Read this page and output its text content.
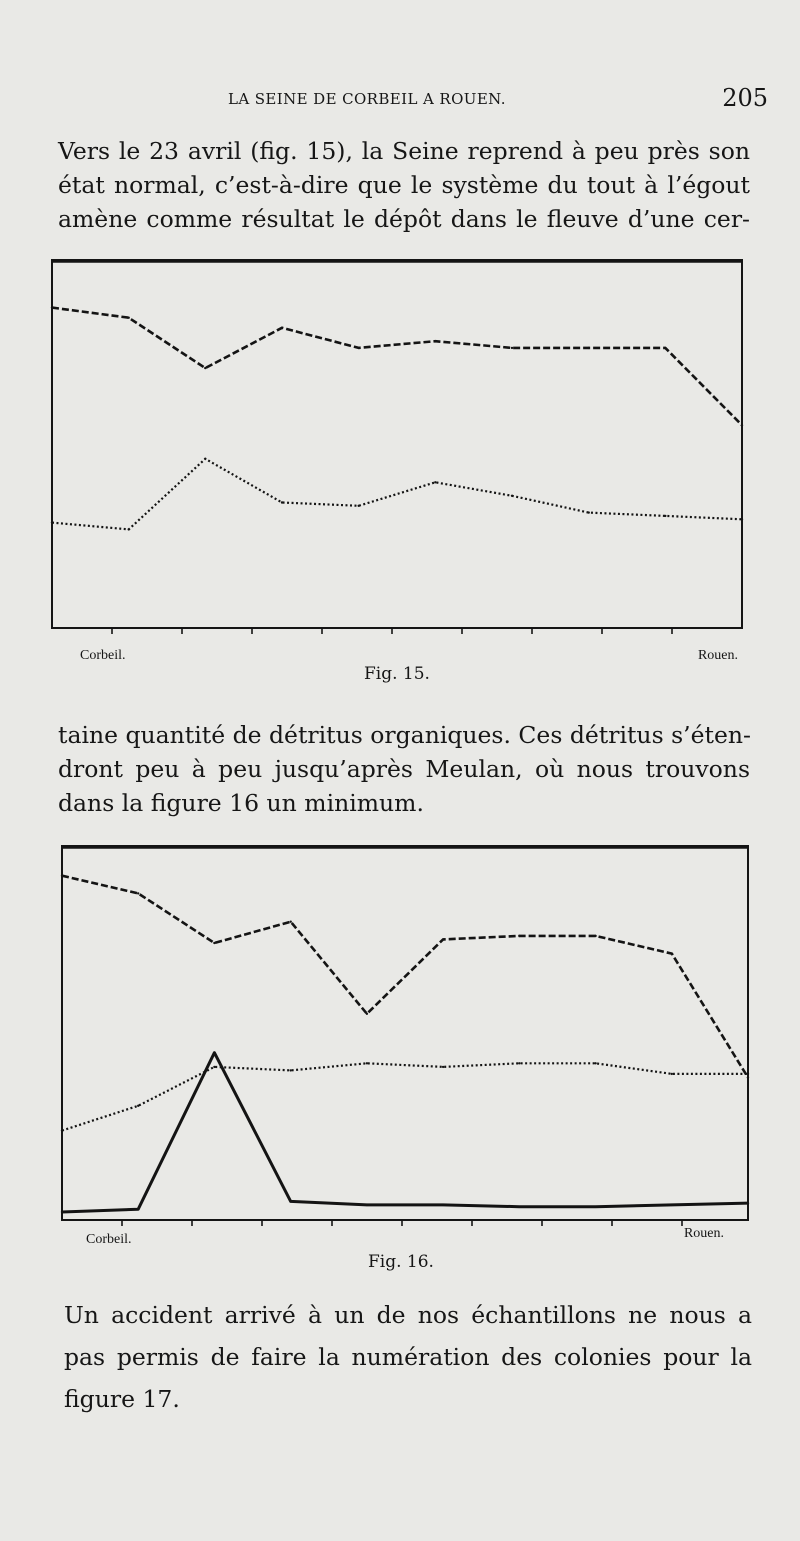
LA SEINE DE CORBEIL A ROUEN.	205
Vers le 23 avril (fig. 15), la Seine reprend à peu près son
état normal, c’est-à-dire que le système du tout à l’égout
amène comme résultat le dépôt dans le fleuve d’une cer-
Corbeil.	Rouen.
Fig. 15.
taine quantité de détritus organiques. Ces détritus s’éten-
dront peu à peu jusqu’après Meulan, où nous trouvons
dans la figure 16 un minimum.
Corbeil.	Rouen.
Fig. 16.
Un accident arrivé à un de nos échantillons ne nous a
pas permis de faire la numération des colonies pour la
figure 17.
